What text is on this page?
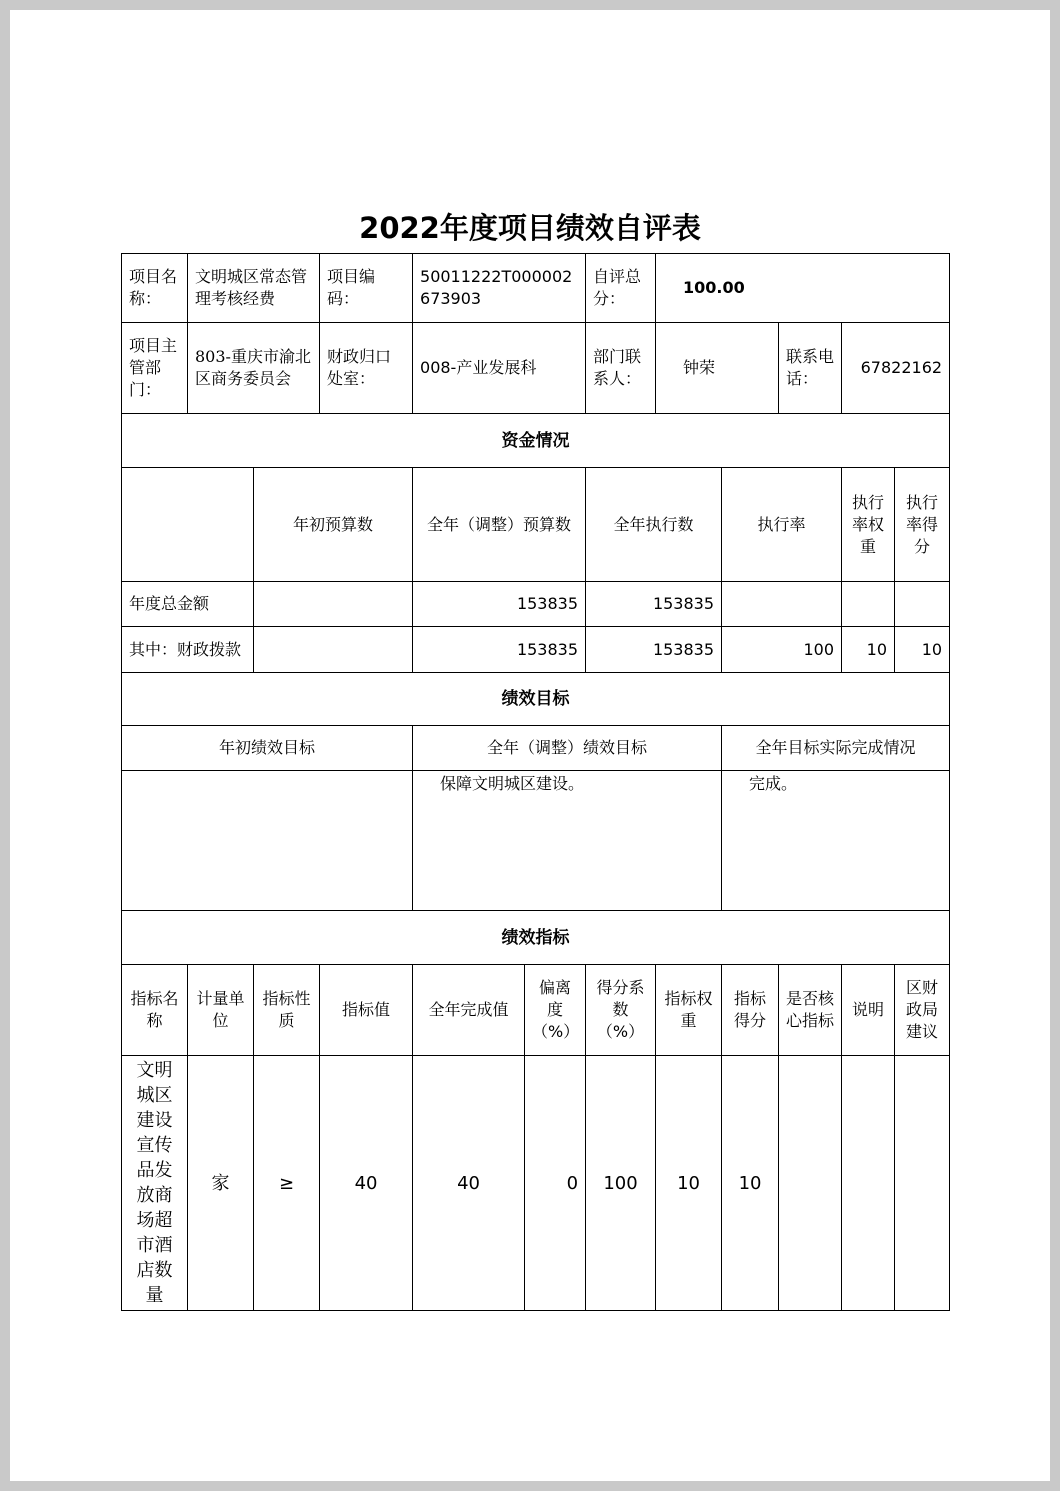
2022年度项目绩效自评表
项目名称：	文明城区常态管理考核经费		项目编码：	50011222T000002673903		自评总分：	100.00				
项目主管部门：	803-重庆市渝北区商务委员会		财政归口处室：	008-产业发展科		部门联系人：	钟荣		联系电话：	67822162	
资金情况											
		年初预算数		全年（调整）预算数		全年执行数		执行率		执行率权重	执行率得分
年度总金额				153835		153835					
其中：财政拨款				153835		153835		100		10	10
绩效目标											
年初绩效目标				全年（调整）绩效目标				全年目标实际完成情况			
				保障文明城区建设。				完成。			
绩效指标											
指标名称	计量单位	指标性质	指标值	全年完成值	偏离度（%）	得分系数（%）	指标权重	指标得分	是否核心指标	说明	区财政局建议
文明城区建设宣传品发放商场超市酒店数量	家	≥	40	40	0	100	10	10			
